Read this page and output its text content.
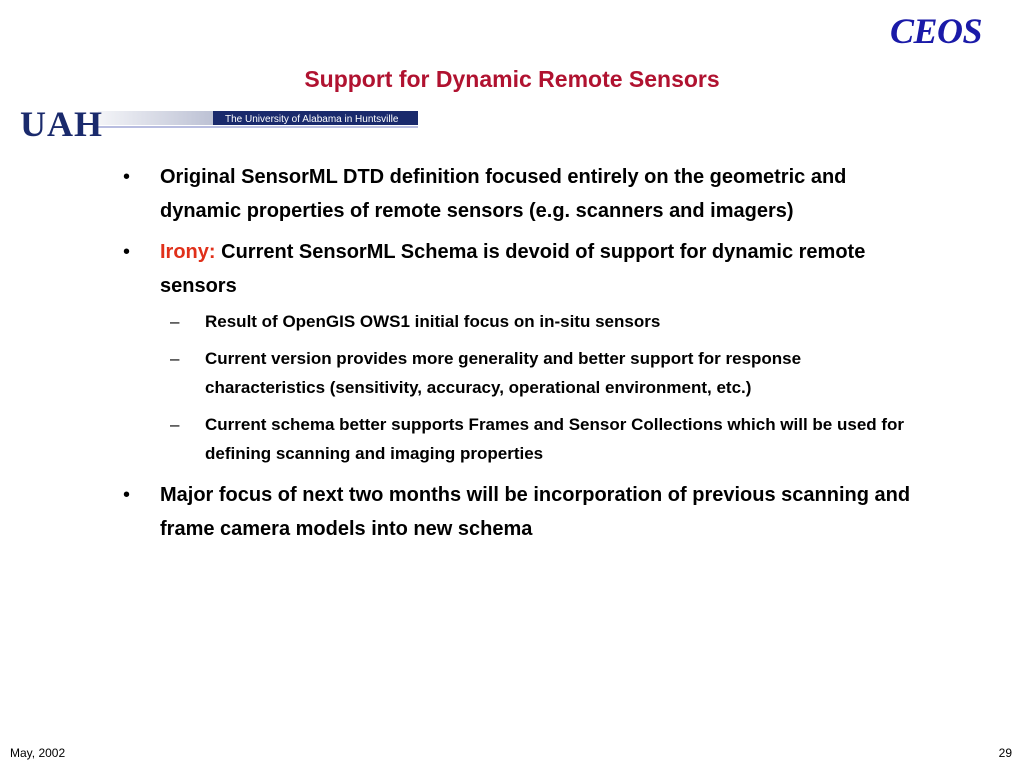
CEOS
Support for Dynamic Remote Sensors
UAH	The University of Alabama in Huntsville
• Original SensorML DTD definition focused entirely on the geometric and dynamic properties of remote sensors (e.g. scanners and imagers)
• Irony: Current SensorML Schema is devoid of support for dynamic remote sensors
– Result of OpenGIS OWS1 initial focus on in-situ sensors
– Current version provides more generality and better support for response characteristics (sensitivity, accuracy, operational environment, etc.)
– Current schema better supports Frames and Sensor Collections which will be used for defining scanning and imaging properties
• Major focus of next two months will be incorporation of previous scanning and frame camera models into new schema
May, 2002	29
